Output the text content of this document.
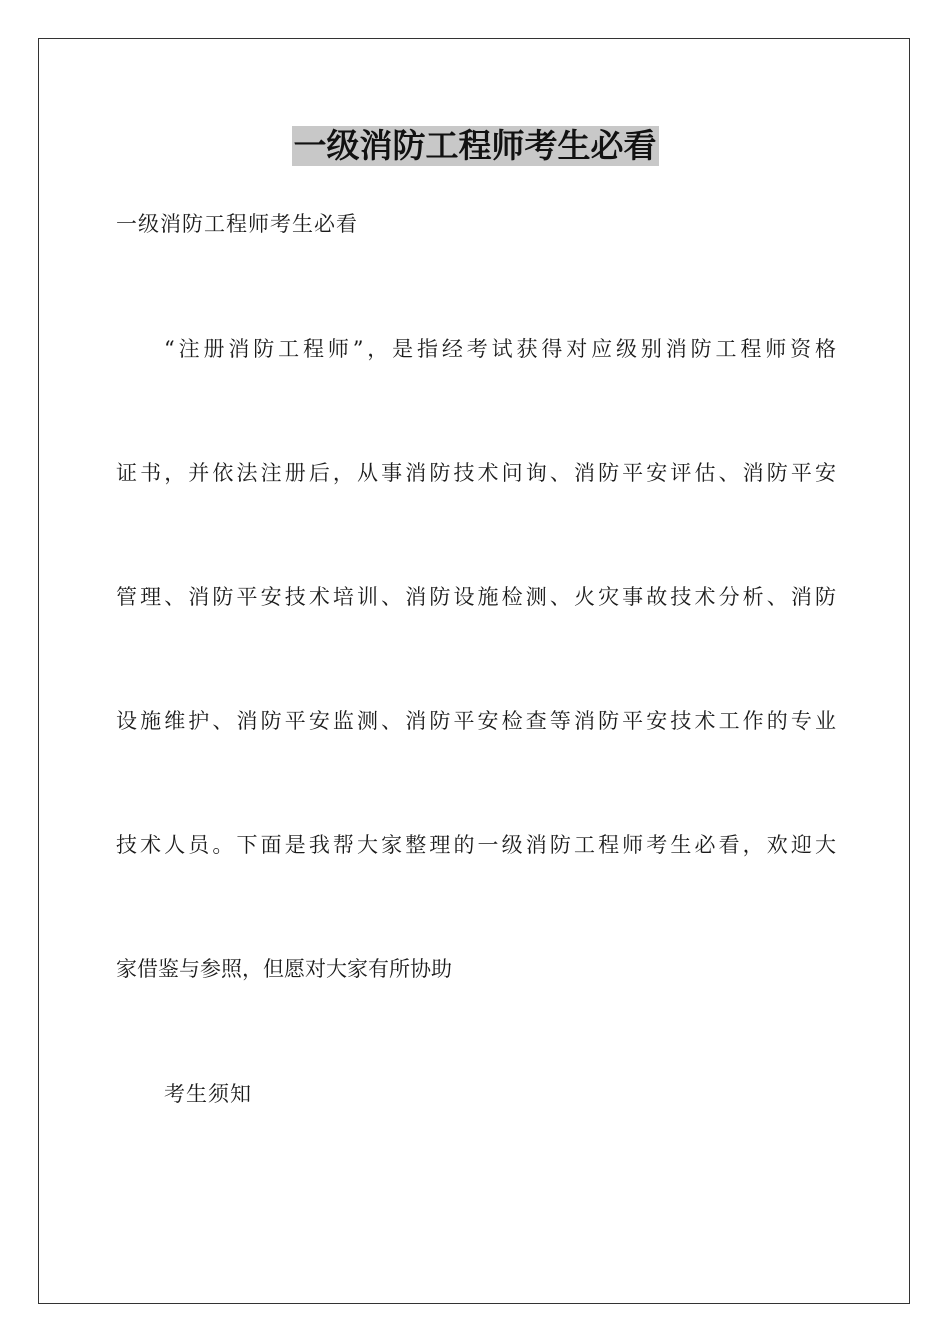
一级消防工程师考生必看

一级消防工程师考生必看

“注册消防工程师”，是指经考试获得对应级别消防工程师资格
证书，并依法注册后，从事消防技术问询、消防平安评估、消防平安
管理、消防平安技术培训、消防设施检测、火灾事故技术分析、消防
设施维护、消防平安监测、消防平安检查等消防平安技术工作的专业
技术人员。下面是我帮大家整理的一级消防工程师考生必看，欢迎大
家借鉴与参照，但愿对大家有所协助

考生须知
